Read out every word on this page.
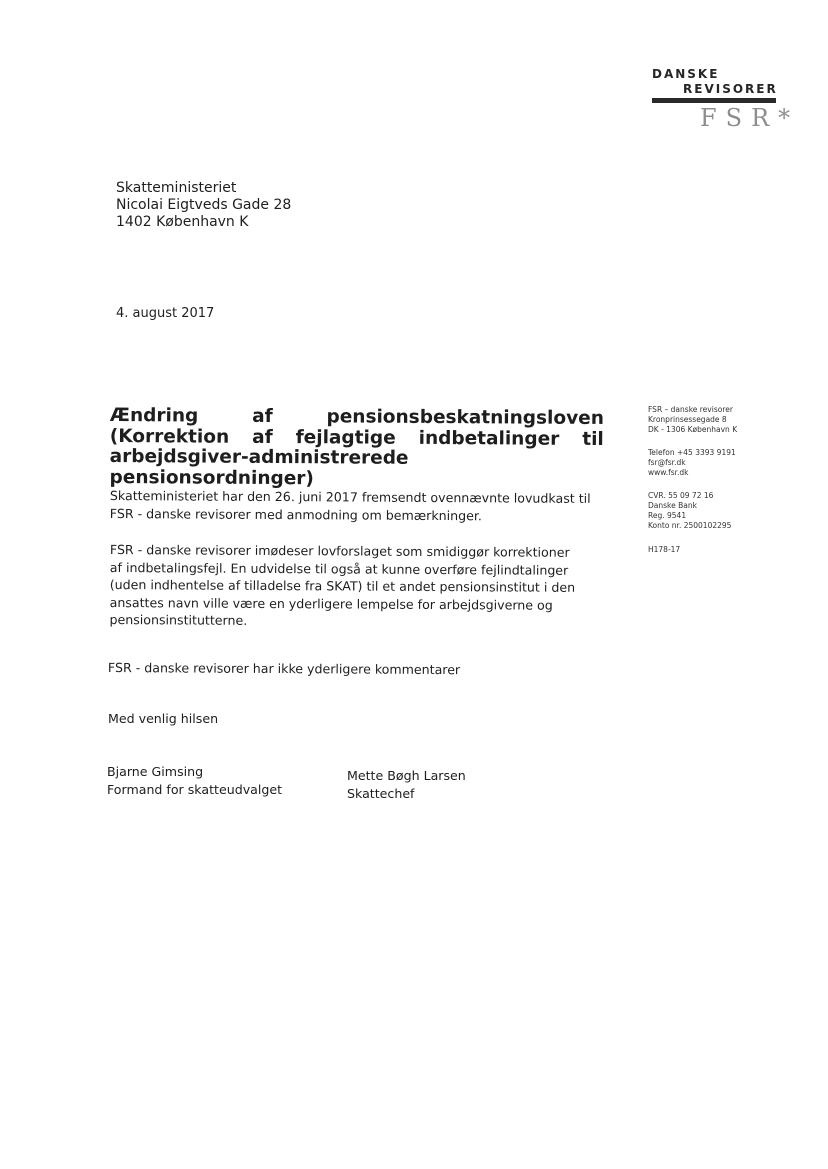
DANSKE
REVISORER
FSR*
Skatteministeriet
Nicolai Eigtveds Gade 28
1402 København K
4. august 2017
Ændring af pensionsbeskatningsloven (Korrektion af fejlagtige indbetalinger til arbejdsgiver-administrerede pensionsordninger)
Skatteministeriet har den 26. juni 2017 fremsendt ovennævnte lovudkast til FSR - danske revisorer med anmodning om bemærkninger.
FSR - danske revisorer imødeser lovforslaget som smidiggør korrektioner af indbetalingsfejl. En udvidelse til også at kunne overføre fejlindtalinger (uden indhentelse af tilladelse fra SKAT) til et andet pensionsinstitut i den ansattes navn ville være en yderligere lempelse for arbejdsgiverne og pensionsinstitutterne.
FSR - danske revisorer har ikke yderligere kommentarer
Med venlig hilsen
Bjarne Gimsing
Formand for skatteudvalget
Mette Bøgh Larsen
Skattechef
FSR – danske revisorer
Kronprinsessegade 8
DK - 1306 København K
Telefon +45 3393 9191
fsr@fsr.dk
www.fsr.dk
CVR. 55 09 72 16
Danske Bank
Reg. 9541
Konto nr. 2500102295
H178-17
